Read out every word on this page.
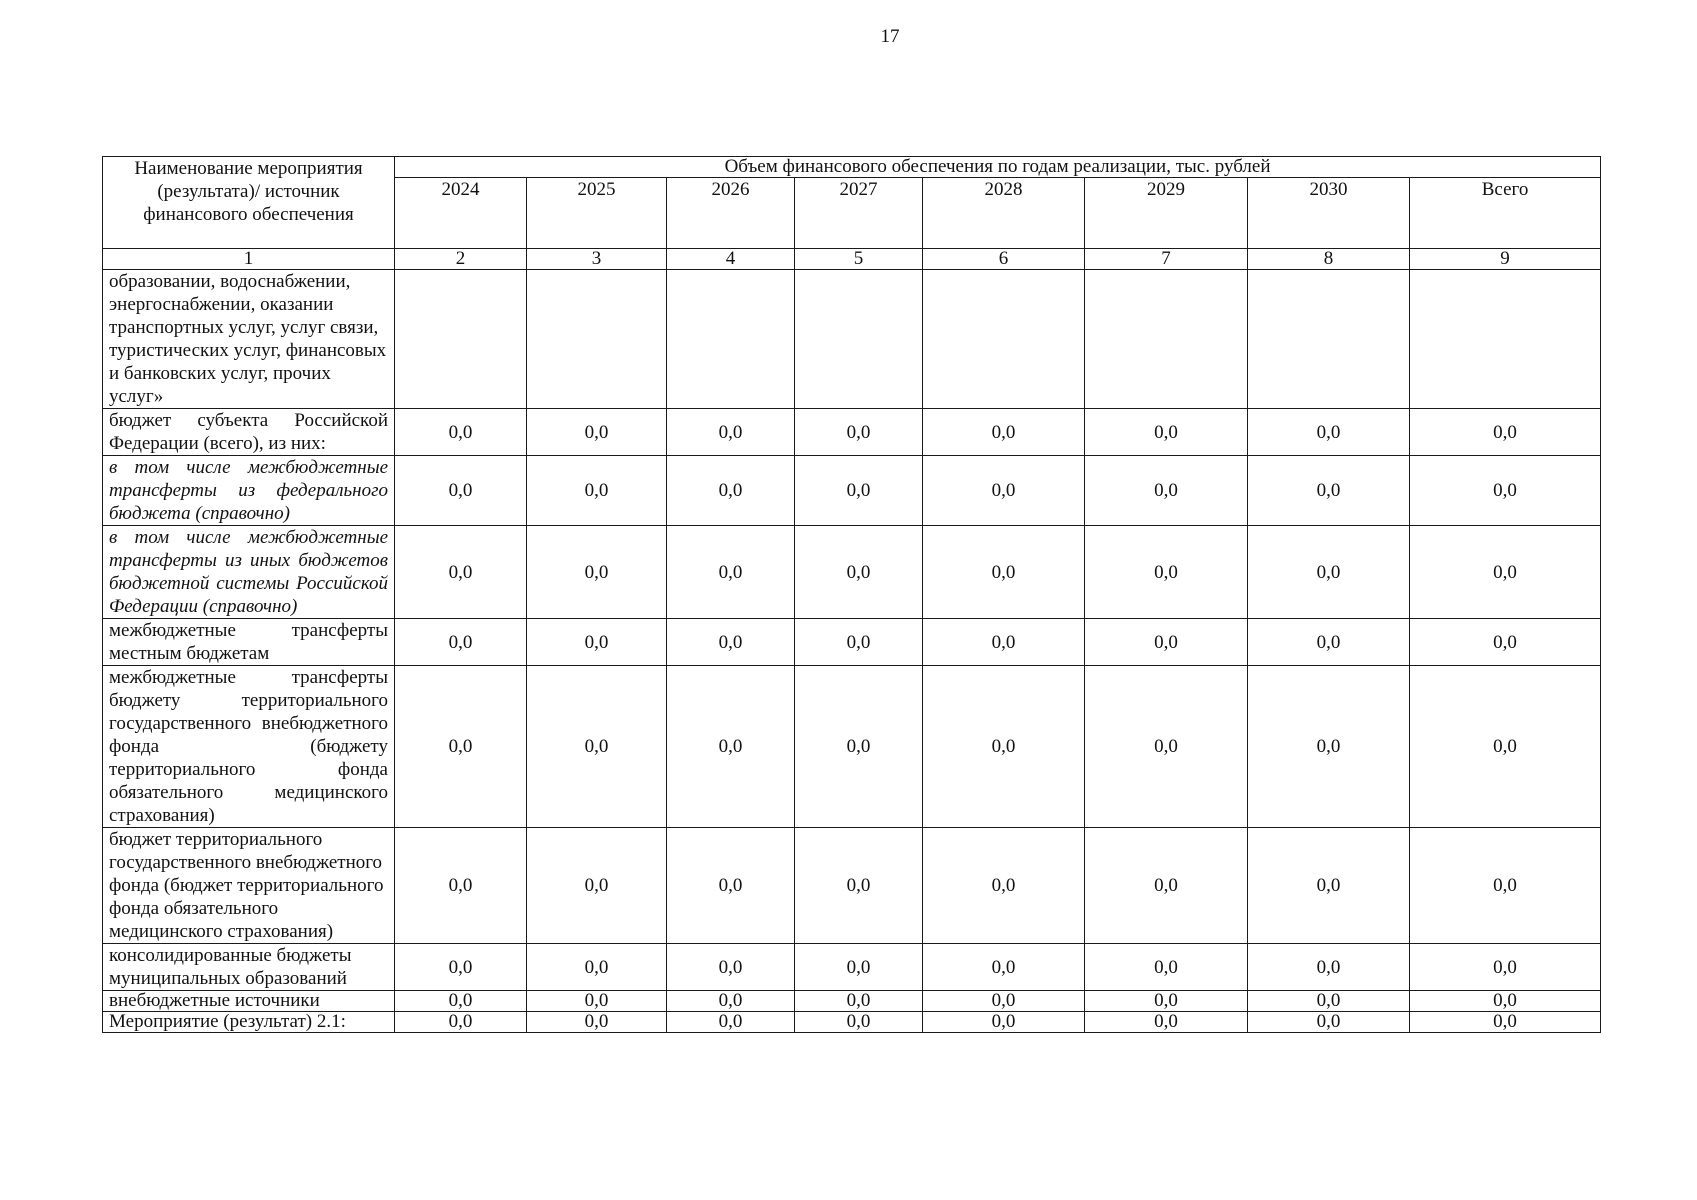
17
Наименование мероприятия (результата)/ источник финансового обеспечения	Объем финансового обеспечения по годам реализации, тыс. рублей							
	2024	2025	2026	2027	2028	2029	2030	Всего
1	2	3	4	5	6	7	8	9
образовании, водоснабжении, энергоснабжении, оказании транспортных услуг, услуг связи, туристических услуг, финансовых и банковских услуг, прочих услуг»								
бюджет субъекта Российской Федерации (всего), из них:	0,0	0,0	0,0	0,0	0,0	0,0	0,0	0,0
в том числе межбюджетные трансферты из федерального бюджета (справочно)	0,0	0,0	0,0	0,0	0,0	0,0	0,0	0,0
в том числе межбюджетные трансферты из иных бюджетов бюджетной системы Российской Федерации (справочно)	0,0	0,0	0,0	0,0	0,0	0,0	0,0	0,0
межбюджетные трансферты местным бюджетам	0,0	0,0	0,0	0,0	0,0	0,0	0,0	0,0
межбюджетные трансферты бюджету территориального государственного внебюджетного фонда (бюджету территориального фонда обязательного медицинского страхования)	0,0	0,0	0,0	0,0	0,0	0,0	0,0	0,0
бюджет территориального государственного внебюджетного фонда (бюджет территориального фонда обязательного медицинского страхования)	0,0	0,0	0,0	0,0	0,0	0,0	0,0	0,0
консолидированные бюджеты муниципальных образований	0,0	0,0	0,0	0,0	0,0	0,0	0,0	0,0
внебюджетные источники	0,0	0,0	0,0	0,0	0,0	0,0	0,0	0,0
Мероприятие (результат) 2.1:	0,0	0,0	0,0	0,0	0,0	0,0	0,0	0,0
